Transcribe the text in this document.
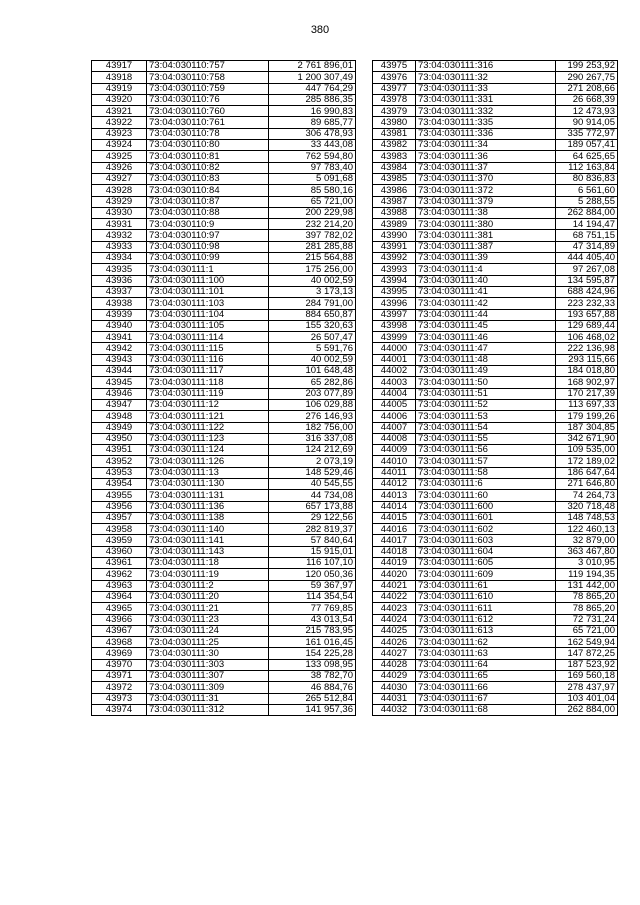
380
43917	73:04:030110:757	2 761 896,01
43918	73:04:030110:758	1 200 307,49
43919	73:04:030110:759	447 764,29
43920	73:04:030110:76	285 886,35
43921	73:04:030110:760	16 990,83
43922	73:04:030110:761	89 685,77
43923	73:04:030110:78	306 478,93
43924	73:04:030110:80	33 443,08
43925	73:04:030110:81	762 594,80
43926	73:04:030110:82	97 783,40
43927	73:04:030110:83	5 091,68
43928	73:04:030110:84	85 580,16
43929	73:04:030110:87	65 721,00
43930	73:04:030110:88	200 229,98
43931	73:04:030110:9	232 214,20
43932	73:04:030110:97	397 782,02
43933	73:04:030110:98	281 285,88
43934	73:04:030110:99	215 564,88
43935	73:04:030111:1	175 256,00
43936	73:04:030111:100	40 002,59
43937	73:04:030111:101	3 173,13
43938	73:04:030111:103	284 791,00
43939	73:04:030111:104	884 650,87
43940	73:04:030111:105	155 320,63
43941	73:04:030111:114	26 507,47
43942	73:04:030111:115	5 591,76
43943	73:04:030111:116	40 002,59
43944	73:04:030111:117	101 648,48
43945	73:04:030111:118	65 282,86
43946	73:04:030111:119	203 077,89
43947	73:04:030111:12	106 029,88
43948	73:04:030111:121	276 146,93
43949	73:04:030111:122	182 756,00
43950	73:04:030111:123	316 337,08
43951	73:04:030111:124	124 212,69
43952	73:04:030111:126	2 073,19
43953	73:04:030111:13	148 529,46
43954	73:04:030111:130	40 545,55
43955	73:04:030111:131	44 734,08
43956	73:04:030111:136	657 173,88
43957	73:04:030111:138	29 122,56
43958	73:04:030111:140	282 819,37
43959	73:04:030111:141	57 840,64
43960	73:04:030111:143	15 915,01
43961	73:04:030111:18	116 107,10
43962	73:04:030111:19	120 050,36
43963	73:04:030111:2	59 367,97
43964	73:04:030111:20	114 354,54
43965	73:04:030111:21	77 769,85
43966	73:04:030111:23	43 013,54
43967	73:04:030111:24	215 783,95
43968	73:04:030111:25	161 016,45
43969	73:04:030111:30	154 225,28
43970	73:04:030111:303	133 098,95
43971	73:04:030111:307	38 782,70
43972	73:04:030111:309	46 884,76
43973	73:04:030111:31	265 512,84
43974	73:04:030111:312	141 957,36
43975	73:04:030111:316	199 253,92
43976	73:04:030111:32	290 267,75
43977	73:04:030111:33	271 208,66
43978	73:04:030111:331	26 668,39
43979	73:04:030111:332	12 473,93
43980	73:04:030111:335	90 914,05
43981	73:04:030111:336	335 772,97
43982	73:04:030111:34	189 057,41
43983	73:04:030111:36	64 625,65
43984	73:04:030111:37	112 163,84
43985	73:04:030111:370	80 836,83
43986	73:04:030111:372	6 561,60
43987	73:04:030111:379	5 288,55
43988	73:04:030111:38	262 884,00
43989	73:04:030111:380	14 194,47
43990	73:04:030111:381	68 751,15
43991	73:04:030111:387	47 314,89
43992	73:04:030111:39	444 405,40
43993	73:04:030111:4	97 267,08
43994	73:04:030111:40	134 595,87
43995	73:04:030111:41	688 424,96
43996	73:04:030111:42	223 232,33
43997	73:04:030111:44	193 657,88
43998	73:04:030111:45	129 689,44
43999	73:04:030111:46	106 468,02
44000	73:04:030111:47	222 136,98
44001	73:04:030111:48	293 115,66
44002	73:04:030111:49	184 018,80
44003	73:04:030111:50	168 902,97
44004	73:04:030111:51	170 217,39
44005	73:04:030111:52	113 697,33
44006	73:04:030111:53	179 199,26
44007	73:04:030111:54	187 304,85
44008	73:04:030111:55	342 671,90
44009	73:04:030111:56	109 535,00
44010	73:04:030111:57	172 189,02
44011	73:04:030111:58	186 647,64
44012	73:04:030111:6	271 646,80
44013	73:04:030111:60	74 264,73
44014	73:04:030111:600	320 718,48
44015	73:04:030111:601	148 748,53
44016	73:04:030111:602	122 460,13
44017	73:04:030111:603	32 879,00
44018	73:04:030111:604	363 467,80
44019	73:04:030111:605	3 010,95
44020	73:04:030111:609	119 194,35
44021	73:04:030111:61	131 442,00
44022	73:04:030111:610	78 865,20
44023	73:04:030111:611	78 865,20
44024	73:04:030111:612	72 731,24
44025	73:04:030111:613	65 721,00
44026	73:04:030111:62	162 549,94
44027	73:04:030111:63	147 872,25
44028	73:04:030111:64	187 523,92
44029	73:04:030111:65	169 560,18
44030	73:04:030111:66	278 437,97
44031	73:04:030111:67	103 401,04
44032	73:04:030111:68	262 884,00
